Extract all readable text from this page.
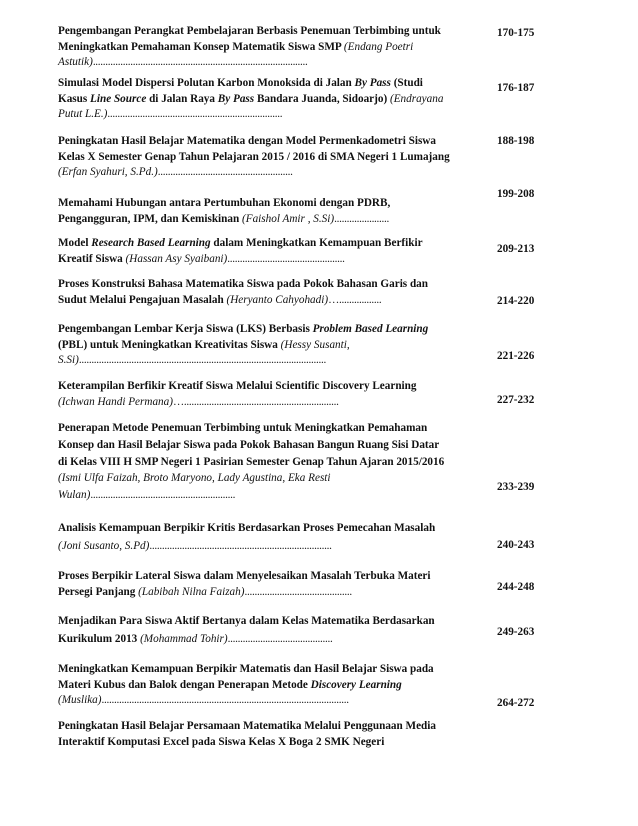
Pengembangan Perangkat Pembelajaran Berbasis Penemuan Terbimbing untuk Meningkatkan Pemahaman Konsep Matematik Siswa SMP (Endang Poetri Astutik)......................................................................................
170-175
Simulasi Model Dispersi Polutan Karbon Monoksida di Jalan By Pass (Studi Kasus Line Source di Jalan Raya By Pass Bandara Juanda, Sidoarjo) (Endrayana Putut L.E.)......................................................................
176-187
Peningkatan Hasil Belajar Matematika dengan Model Permenkadometri Siswa Kelas X Semester Genap Tahun Pelajaran 2015 / 2016 di SMA Negeri 1 Lumajang (Erfan Syahuri, S.Pd.)......................................................
188-198
Memahami Hubungan antara Pertumbuhan Ekonomi dengan PDRB, Pengangguran, IPM, dan Kemiskinan (Faishol Amir , S.Si)......................
199-208
Model Research Based Learning dalam Meningkatkan Kemampuan Berfikir Kreatif Siswa (Hassan Asy Syaibani)...............................................
209-213
Proses Konstruksi Bahasa Matematika Siswa pada Pokok Bahasan Garis dan Sudut Melalui Pengajuan Masalah (Heryanto Cahyohadi)….................	214-220
Pengembangan Lembar Kerja Siswa (LKS) Berbasis Problem Based Learning (PBL) untuk Meningkatkan Kreativitas Siswa (Hessy Susanti, S.Si)...................................................................................................	221-226
Keterampilan Berfikir Kreatif Siswa Melalui Scientific Discovery Learning (Ichwan Handi Permana)…..............................................................	227-232
Penerapan Metode Penemuan Terbimbing untuk Meningkatkan Pemahaman Konsep dan Hasil Belajar Siswa pada Pokok Bahasan Bangun Ruang Sisi Datar di Kelas VIII H SMP Negeri 1 Pasirian Semester Genap Tahun Ajaran 2015/2016 (Ismi Ulfa Faizah, Broto Maryono, Lady Agustina, Eka Resti Wulan)..........................................................
233-239
Analisis Kemampuan Berpikir Kritis Berdasarkan Proses Pemecahan Masalah (Joni Susanto, S.Pd).........................................................................	240-243
Proses Berpikir Lateral Siswa dalam Menyelesaikan Masalah Terbuka Materi Persegi Panjang (Labibah Nilna Faizah)...........................................	244-248
Menjadikan Para Siswa Aktif Bertanya dalam Kelas Matematika Berdasarkan Kurikulum 2013 (Mohammad Tohir)..........................................
249-263
Meningkatkan Kemampuan Berpikir Matematis dan Hasil Belajar Siswa pada Materi Kubus dan Balok dengan Penerapan Metode Discovery Learning (Muslika)...................................................................................................	264-272
Peningkatan Hasil Belajar Persamaan Matematika Melalui Penggunaan Media Interaktif Komputasi Excel pada Siswa Kelas X Boga 2 SMK Negeri
